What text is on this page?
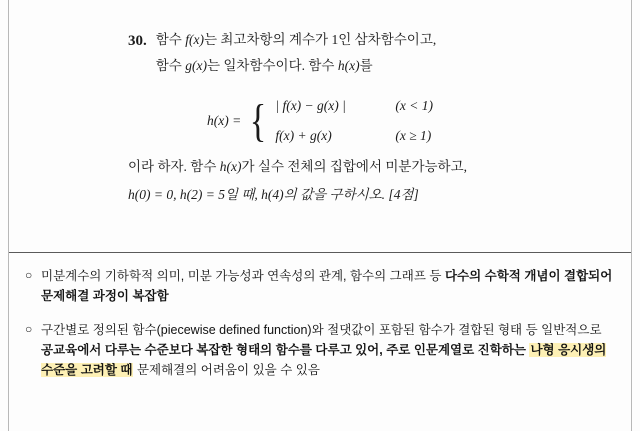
30. 함수 f(x)는 최고차항의 계수가 1인 삼차함수이고,
함수 g(x)는 일차함수이다. 함수 h(x)를
h(x) = { | f(x) − g(x) |	(x < 1)
f(x) + g(x)	(x ≥ 1)
이라 하자. 함수 h(x)가 실수 전체의 집합에서 미분가능하고,
h(0) = 0, h(2) = 5일 때, h(4)의 값을 구하시오. [4점]
○ 미분계수의 기하학적 의미, 미분 가능성과 연속성의 관계, 함수의 그래프 등 다수의 수학적 개념이 결합되어 문제해결 과정이 복잡함
○ 구간별로 정의된 함수(piecewise defined function)와 절댓값이 포함된 함수가 결합된 형태 등 일반적으로 공교육에서 다루는 수준보다 복잡한 형태의 함수를 다루고 있어, 주로 인문계열로 진학하는 나형 응시생의 수준을 고려할 때 문제해결의 어려움이 있을 수 있음
